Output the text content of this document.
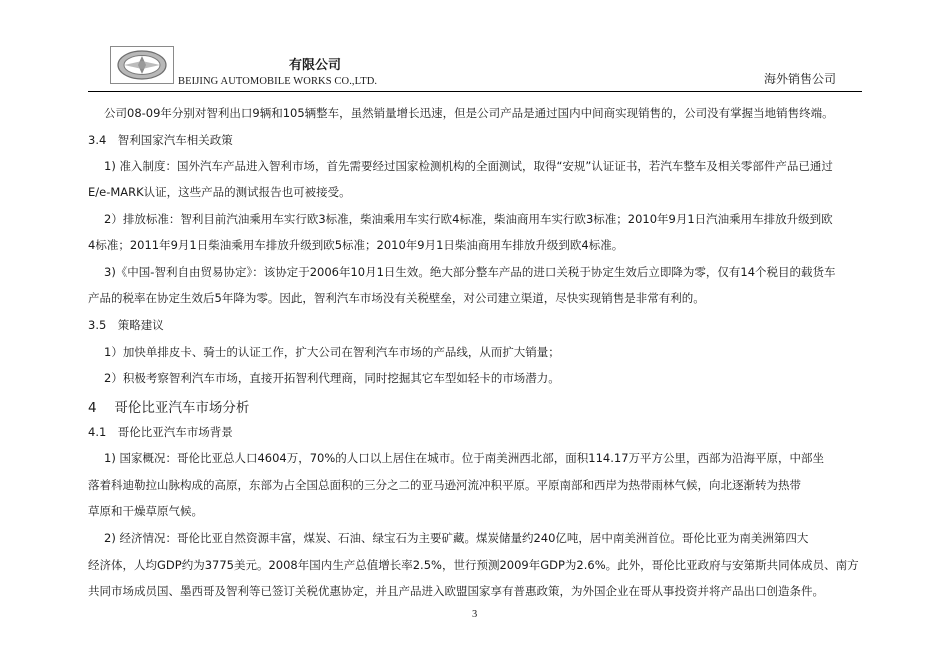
有限公司
BEIJING AUTOMOBILE WORKS CO.,LTD.	海外销售公司
公司08-09年分别对智利出口9辆和105辆整车，虽然销量增长迅速，但是公司产品是通过国内中间商实现销售的，公司没有掌握当地销售终端。
3.4　智利国家汽车相关政策
1) 准入制度：国外汽车产品进入智利市场，首先需要经过国家检测机构的全面测试，取得“安规”认证证书，若汽车整车及相关零部件产品已通过
E/e-MARK认证，这些产品的测试报告也可被接受。
2）排放标准：智利目前汽油乘用车实行欧3标准，柴油乘用车实行欧4标准，柴油商用车实行欧3标准；2010年9月1日汽油乘用车排放升级到欧
4标准；2011年9月1日柴油乘用车排放升级到欧5标准；2010年9月1日柴油商用车排放升级到欧4标准。
3)《中国-智利自由贸易协定》：该协定于2006年10月1日生效。绝大部分整车产品的进口关税于协定生效后立即降为零，仅有14个税目的载货车
产品的税率在协定生效后5年降为零。因此，智利汽车市场没有关税壁垒，对公司建立渠道，尽快实现销售是非常有利的。
3.5　策略建议
1）加快单排皮卡、骑士的认证工作，扩大公司在智利汽车市场的产品线，从而扩大销量；
2）积极考察智利汽车市场，直接开拓智利代理商，同时挖掘其它车型如轻卡的市场潜力。
4　 哥伦比亚汽车市场分析
4.1　哥伦比亚汽车市场背景
1) 国家概况：哥伦比亚总人口4604万，70%的人口以上居住在城市。位于南美洲西北部，面积114.17万平方公里，西部为沿海平原，中部坐
落着科迪勒拉山脉构成的高原，东部为占全国总面积的三分之二的亚马逊河流冲积平原。平原南部和西岸为热带雨林气候，向北逐渐转为热带
草原和干燥草原气候。
2) 经济情况：哥伦比亚自然资源丰富，煤炭、石油、绿宝石为主要矿藏。煤炭储量约240亿吨，居中南美洲首位。哥伦比亚为南美洲第四大
经济体，人均GDP约为3775美元。2008年国内生产总值增长率2.5%，世行预测2009年GDP为2.6%。此外，哥伦比亚政府与安第斯共同体成员、南方
共同市场成员国、墨西哥及智利等已签订关税优惠协定，并且产品进入欧盟国家享有普惠政策，为外国企业在哥从事投资并将产品出口创造条件。
3
